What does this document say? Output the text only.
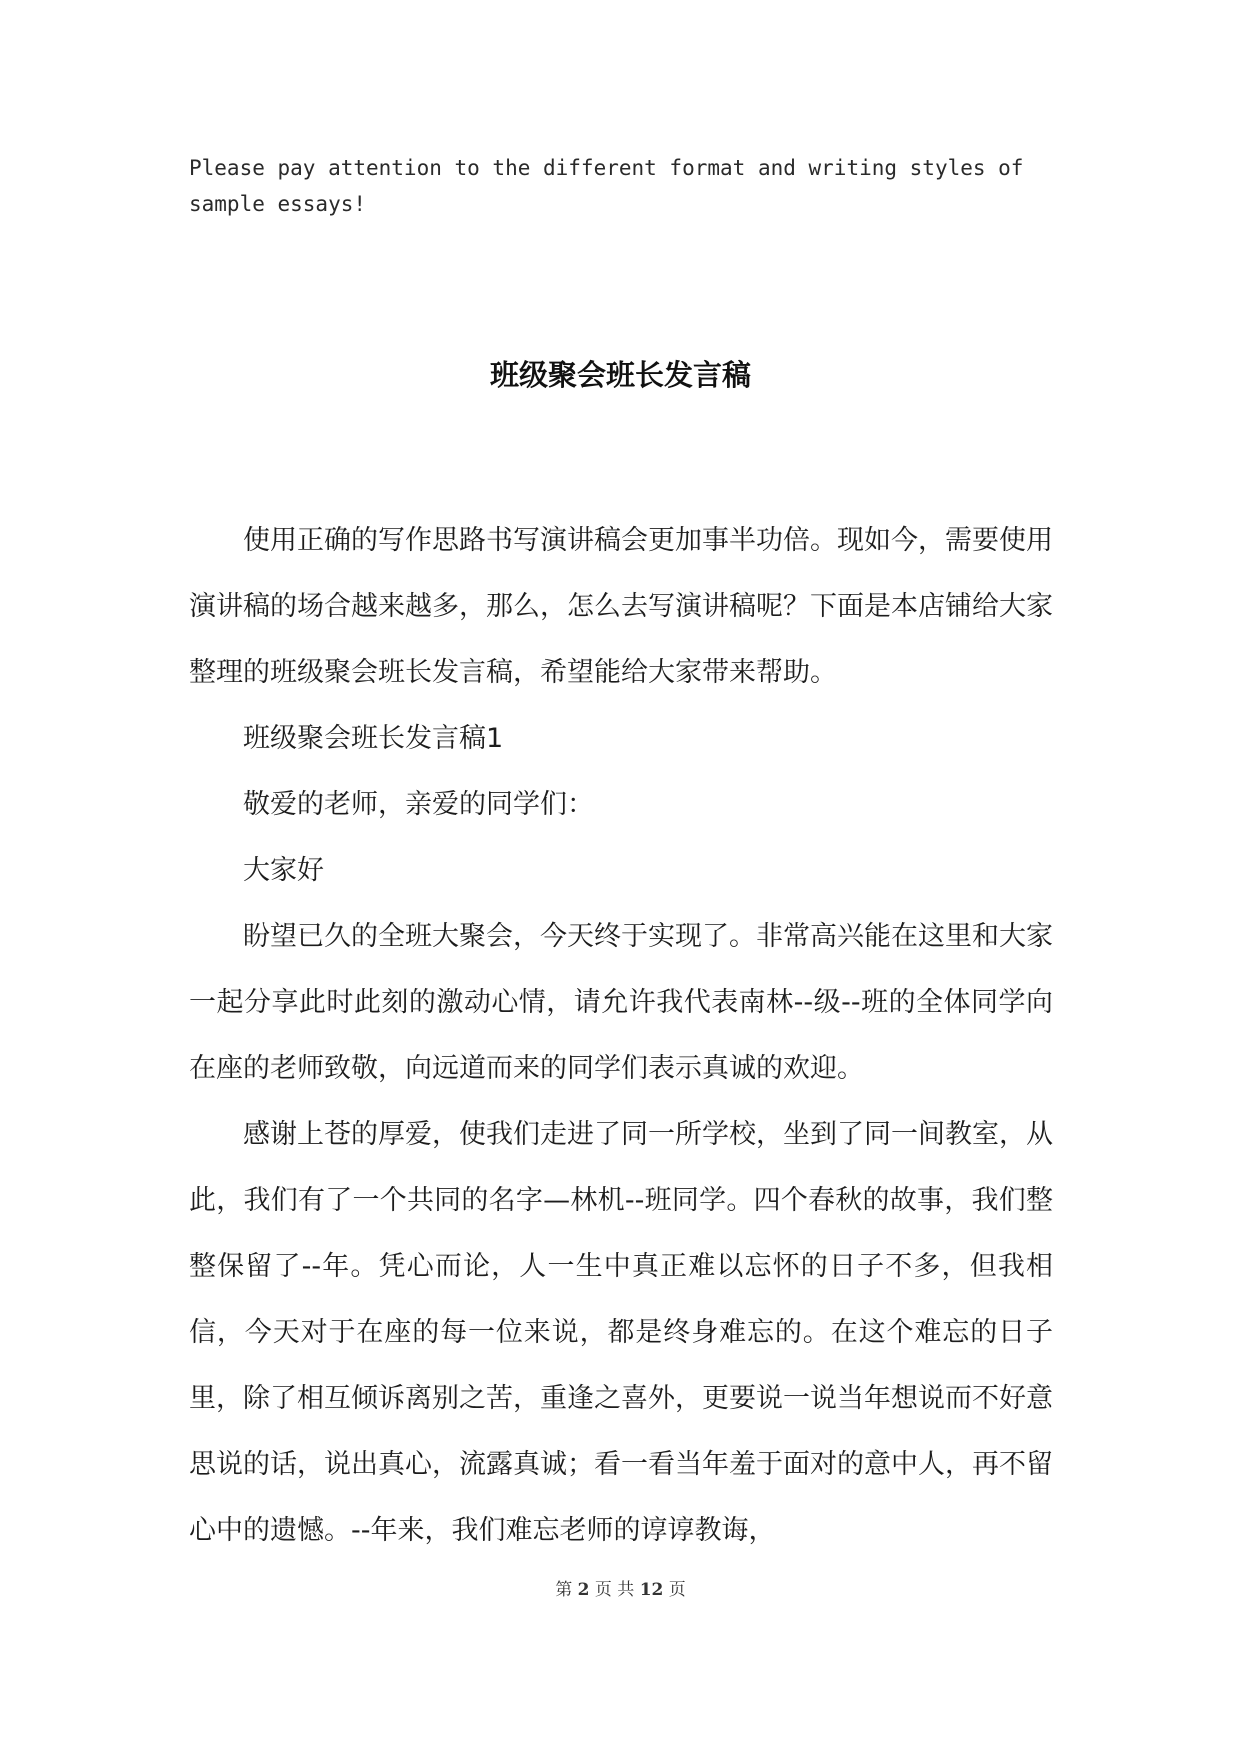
Please pay attention to the different format and writing styles of sample essays!
班级聚会班长发言稿

使用正确的写作思路书写演讲稿会更加事半功倍。现如今，需要使用演讲稿的场合越来越多，那么，怎么去写演讲稿呢？下面是本店铺给大家整理的班级聚会班长发言稿，希望能给大家带来帮助。

班级聚会班长发言稿1

敬爱的老师，亲爱的同学们：

大家好

盼望已久的全班大聚会，今天终于实现了。非常高兴能在这里和大家一起分享此时此刻的激动心情，请允许我代表南林--级--班的全体同学向在座的老师致敬，向远道而来的同学们表示真诚的欢迎。

感谢上苍的厚爱，使我们走进了同一所学校，坐到了同一间教室，从此，我们有了一个共同的名字—林机--班同学。四个春秋的故事，我们整整保留了--年。凭心而论，人一生中真正难以忘怀的日子不多，但我相信，今天对于在座的每一位来说，都是终身难忘的。在这个难忘的日子里，除了相互倾诉离别之苦，重逢之喜外，更要说一说当年想说而不好意思说的话，说出真心，流露真诚；看一看当年羞于面对的意中人，再不留心中的遗憾。--年来，我们难忘老师的谆谆教诲，

第 2 页 共 12 页
